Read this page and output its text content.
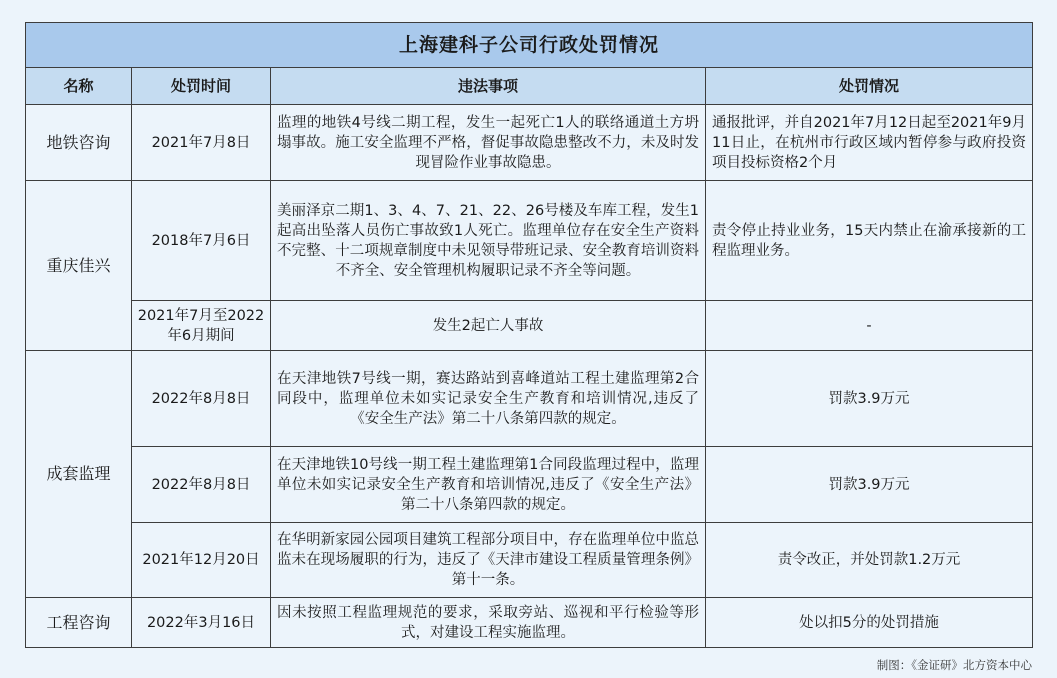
上海建科子公司行政处罚情况			
名称	处罚时间	违法事项	处罚情况
地铁咨询	2021年7月8日	监理的地铁4号线二期工程，发生一起死亡1人的联络通道土方坍塌事故。施工安全监理不严格，督促事故隐患整改不力，未及时发现冒险作业事故隐患。	通报批评，并自2021年7月12日起至2021年9月11日止，在杭州市行政区域内暂停参与政府投资项目投标资格2个月
重庆佳兴	2018年7月6日	美丽泽京二期1、3、4、7、21、22、26号楼及车库工程，发生1起高出坠落人员伤亡事故致1人死亡。监理单位存在安全生产资料不完整、十二项规章制度中未见领导带班记录、安全教育培训资料不齐全、安全管理机构履职记录不齐全等问题。	责令停止持业业务，15天内禁止在渝承接新的工程监理业务。
	2021年7月至2022年6月期间	发生2起亡人事故	-
成套监理	2022年8月8日	在天津地铁7号线一期，赛达路站到喜峰道站工程土建监理第2合同段中，监理单位未如实记录安全生产教育和培训情况,违反了《安全生产法》第二十八条第四款的规定。	罚款3.9万元
	2022年8月8日	在天津地铁10号线一期工程土建监理第1合同段监理过程中，监理单位未如实记录安全生产教育和培训情况,违反了《安全生产法》第二十八条第四款的规定。	罚款3.9万元
	2021年12月20日	在华明新家园公园项目建筑工程部分项目中，存在监理单位中监总监未在现场履职的行为，违反了《天津市建设工程质量管理条例》第十一条。	责令改正，并处罚款1.2万元
工程咨询	2022年3月16日	因未按照工程监理规范的要求，采取旁站、巡视和平行检验等形式，对建设工程实施监理。	处以扣5分的处罚措施
制图：《金证研》北方资本中心
